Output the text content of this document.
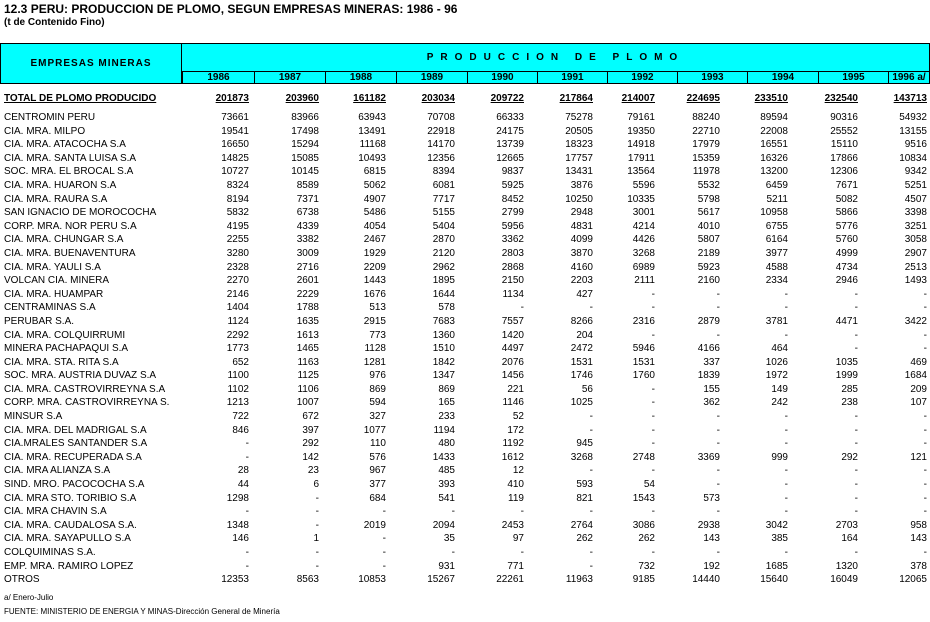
12.3 PERU: PRODUCCION DE PLOMO, SEGUN EMPRESAS MINERAS: 1986 - 96
(t de Contenido Fino)
EMPRESAS MINERAS
PRODUCCION DE PLOMO
1986	1987	1988	1989	1990	1991	1992	1993	1994	1995	1996 a/
TOTAL DE PLOMO PRODUCIDO	201873	203960	161182	203034	209722	217864	214007	224695	233510	232540	143713
CENTROMIN PERU	73661	83966	63943	70708	66333	75278	79161	88240	89594	90316	54932
CIA. MRA. MILPO	19541	17498	13491	22918	24175	20505	19350	22710	22008	25552	13155
CIA. MRA. ATACOCHA S.A	16650	15294	11168	14170	13739	18323	14918	17979	16551	15110	9516
CIA. MRA. SANTA LUISA S.A	14825	15085	10493	12356	12665	17757	17911	15359	16326	17866	10834
SOC. MRA. EL BROCAL S.A	10727	10145	6815	8394	9837	13431	13564	11978	13200	12306	9342
CIA. MRA. HUARON S.A	8324	8589	5062	6081	5925	3876	5596	5532	6459	7671	5251
CIA. MRA. RAURA S.A	8194	7371	4907	7717	8452	10250	10335	5798	5211	5082	4507
SAN IGNACIO DE MOROCOCHA	5832	6738	5486	5155	2799	2948	3001	5617	10958	5866	3398
CORP. MRA. NOR PERU S.A	4195	4339	4054	5404	5956	4831	4214	4010	6755	5776	3251
CIA. MRA. CHUNGAR S.A	2255	3382	2467	2870	3362	4099	4426	5807	6164	5760	3058
CIA. MRA. BUENAVENTURA	3280	3009	1929	2120	2803	3870	3268	2189	3977	4999	2907
CIA. MRA. YAULI S.A	2328	2716	2209	2962	2868	4160	6989	5923	4588	4734	2513
VOLCAN CIA. MINERA	2270	2601	1443	1895	2150	2203	2111	2160	2334	2946	1493
CIA. MRA. HUAMPAR	2146	2229	1676	1644	1134	427	-	-	-	-	-
CENTRAMINAS S.A	1404	1788	513	578	-	-	-	-	-	-	-
PERUBAR S.A.	1124	1635	2915	7683	7557	8266	2316	2879	3781	4471	3422
CIA. MRA. COLQUIRRUMI	2292	1613	773	1360	1420	204	-	-	-	-	-
MINERA PACHAPAQUI S.A	1773	1465	1128	1510	4497	2472	5946	4166	464	-	-
CIA. MRA. STA. RITA S.A	652	1163	1281	1842	2076	1531	1531	337	1026	1035	469
SOC. MRA. AUSTRIA DUVAZ S.A	1100	1125	976	1347	1456	1746	1760	1839	1972	1999	1684
CIA. MRA. CASTROVIRREYNA S.A	1102	1106	869	869	221	56	-	155	149	285	209
CORP. MRA. CASTROVIRREYNA S.	1213	1007	594	165	1146	1025	-	362	242	238	107
MINSUR S.A	722	672	327	233	52	-	-	-	-	-	-
CIA. MRA. DEL MADRIGAL S.A	846	397	1077	1194	172	-	-	-	-	-	-
CIA.MRALES SANTANDER S.A	-	292	110	480	1192	945	-	-	-	-	-
CIA. MRA. RECUPERADA S.A	-	142	576	1433	1612	3268	2748	3369	999	292	121
CIA. MRA ALIANZA S.A	28	23	967	485	12	-	-	-	-	-	-
SIND. MRO. PACOCOCHA S.A	44	6	377	393	410	593	54	-	-	-	-
CIA. MRA STO. TORIBIO S.A	1298	-	684	541	119	821	1543	573	-	-	-
CIA. MRA CHAVIN S.A	-	-	-	-	-	-	-	-	-	-	-
CIA. MRA. CAUDALOSA S.A.	1348	-	2019	2094	2453	2764	3086	2938	3042	2703	958
CIA. MRA. SAYAPULLO S.A	146	1	-	35	97	262	262	143	385	164	143
COLQUIMINAS S.A.	-	-	-	-	-	-	-	-	-	-	-
EMP. MRA. RAMIRO LOPEZ	-	-	-	931	771	-	732	192	1685	1320	378
OTROS	12353	8563	10853	15267	22261	11963	9185	14440	15640	16049	12065
a/ Enero-Julio
FUENTE: MINISTERIO DE ENERGIA Y MINAS-Dirección General de Minería
